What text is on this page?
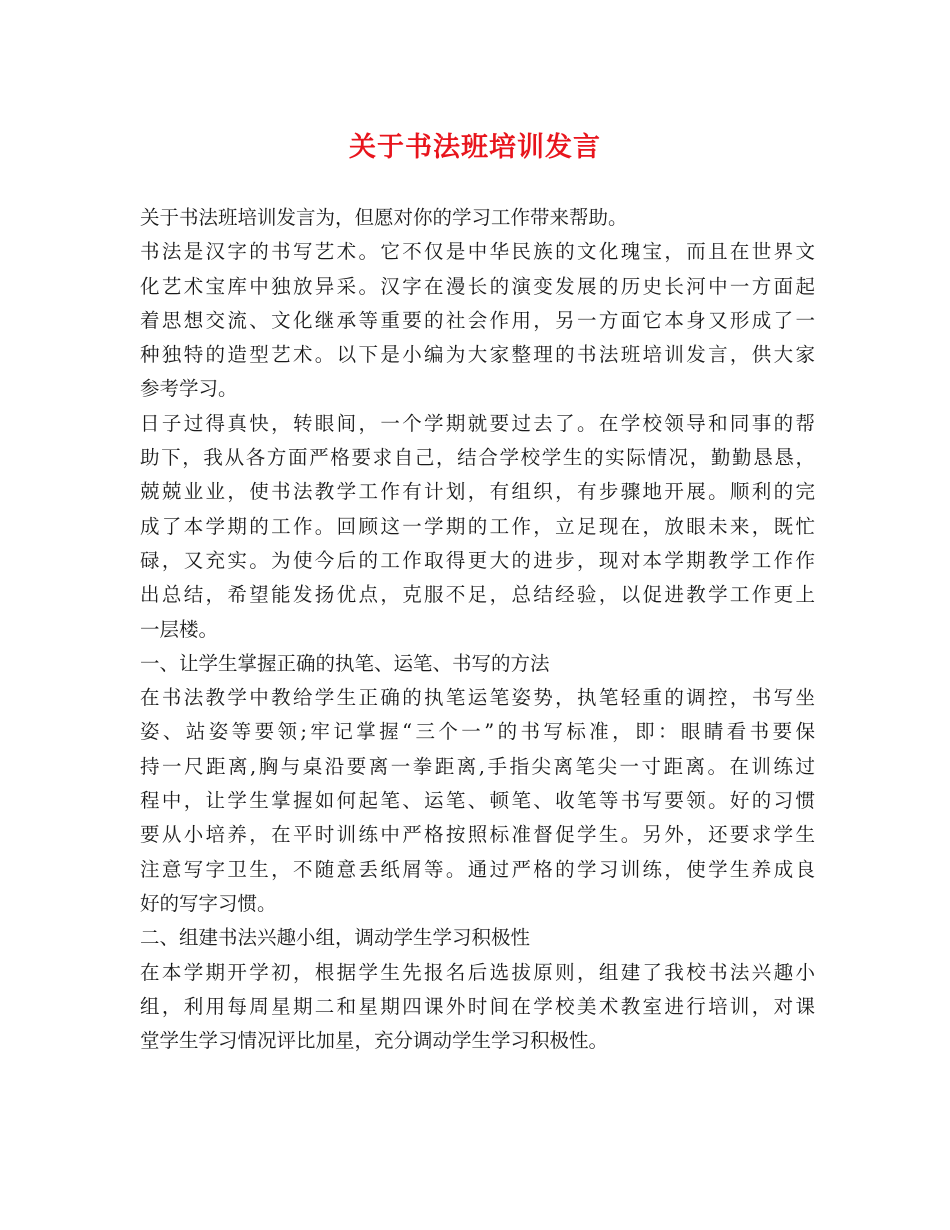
关于书法班培训发言
关于书法班培训发言为，但愿对你的学习工作带来帮助。
书法是汉字的书写艺术。它不仅是中华民族的文化瑰宝，而且在世界文
化艺术宝库中独放异采。汉字在漫长的演变发展的历史长河中一方面起
着思想交流、文化继承等重要的社会作用，另一方面它本身又形成了一
种独特的造型艺术。以下是小编为大家整理的书法班培训发言，供大家
参考学习。
日子过得真快，转眼间，一个学期就要过去了。在学校领导和同事的帮
助下，我从各方面严格要求自己，结合学校学生的实际情况，勤勤恳恳，
兢兢业业，使书法教学工作有计划，有组织，有步骤地开展。顺利的完
成了本学期的工作。回顾这一学期的工作，立足现在，放眼未来，既忙
碌，又充实。为使今后的工作取得更大的进步，现对本学期教学工作作
出总结，希望能发扬优点，克服不足，总结经验，以促进教学工作更上
一层楼。
一、让学生掌握正确的执笔、运笔、书写的方法
在书法教学中教给学生正确的执笔运笔姿势，执笔轻重的调控，书写坐
姿、站姿等要领;牢记掌握“三个一”的书写标准，即：眼睛看书要保
持一尺距离,胸与桌沿要离一拳距离,手指尖离笔尖一寸距离。在训练过
程中，让学生掌握如何起笔、运笔、顿笔、收笔等书写要领。好的习惯
要从小培养，在平时训练中严格按照标准督促学生。另外，还要求学生
注意写字卫生，不随意丢纸屑等。通过严格的学习训练，使学生养成良
好的写字习惯。
二、组建书法兴趣小组，调动学生学习积极性
在本学期开学初，根据学生先报名后选拔原则，组建了我校书法兴趣小
组，利用每周星期二和星期四课外时间在学校美术教室进行培训，对课
堂学生学习情况评比加星，充分调动学生学习积极性。
